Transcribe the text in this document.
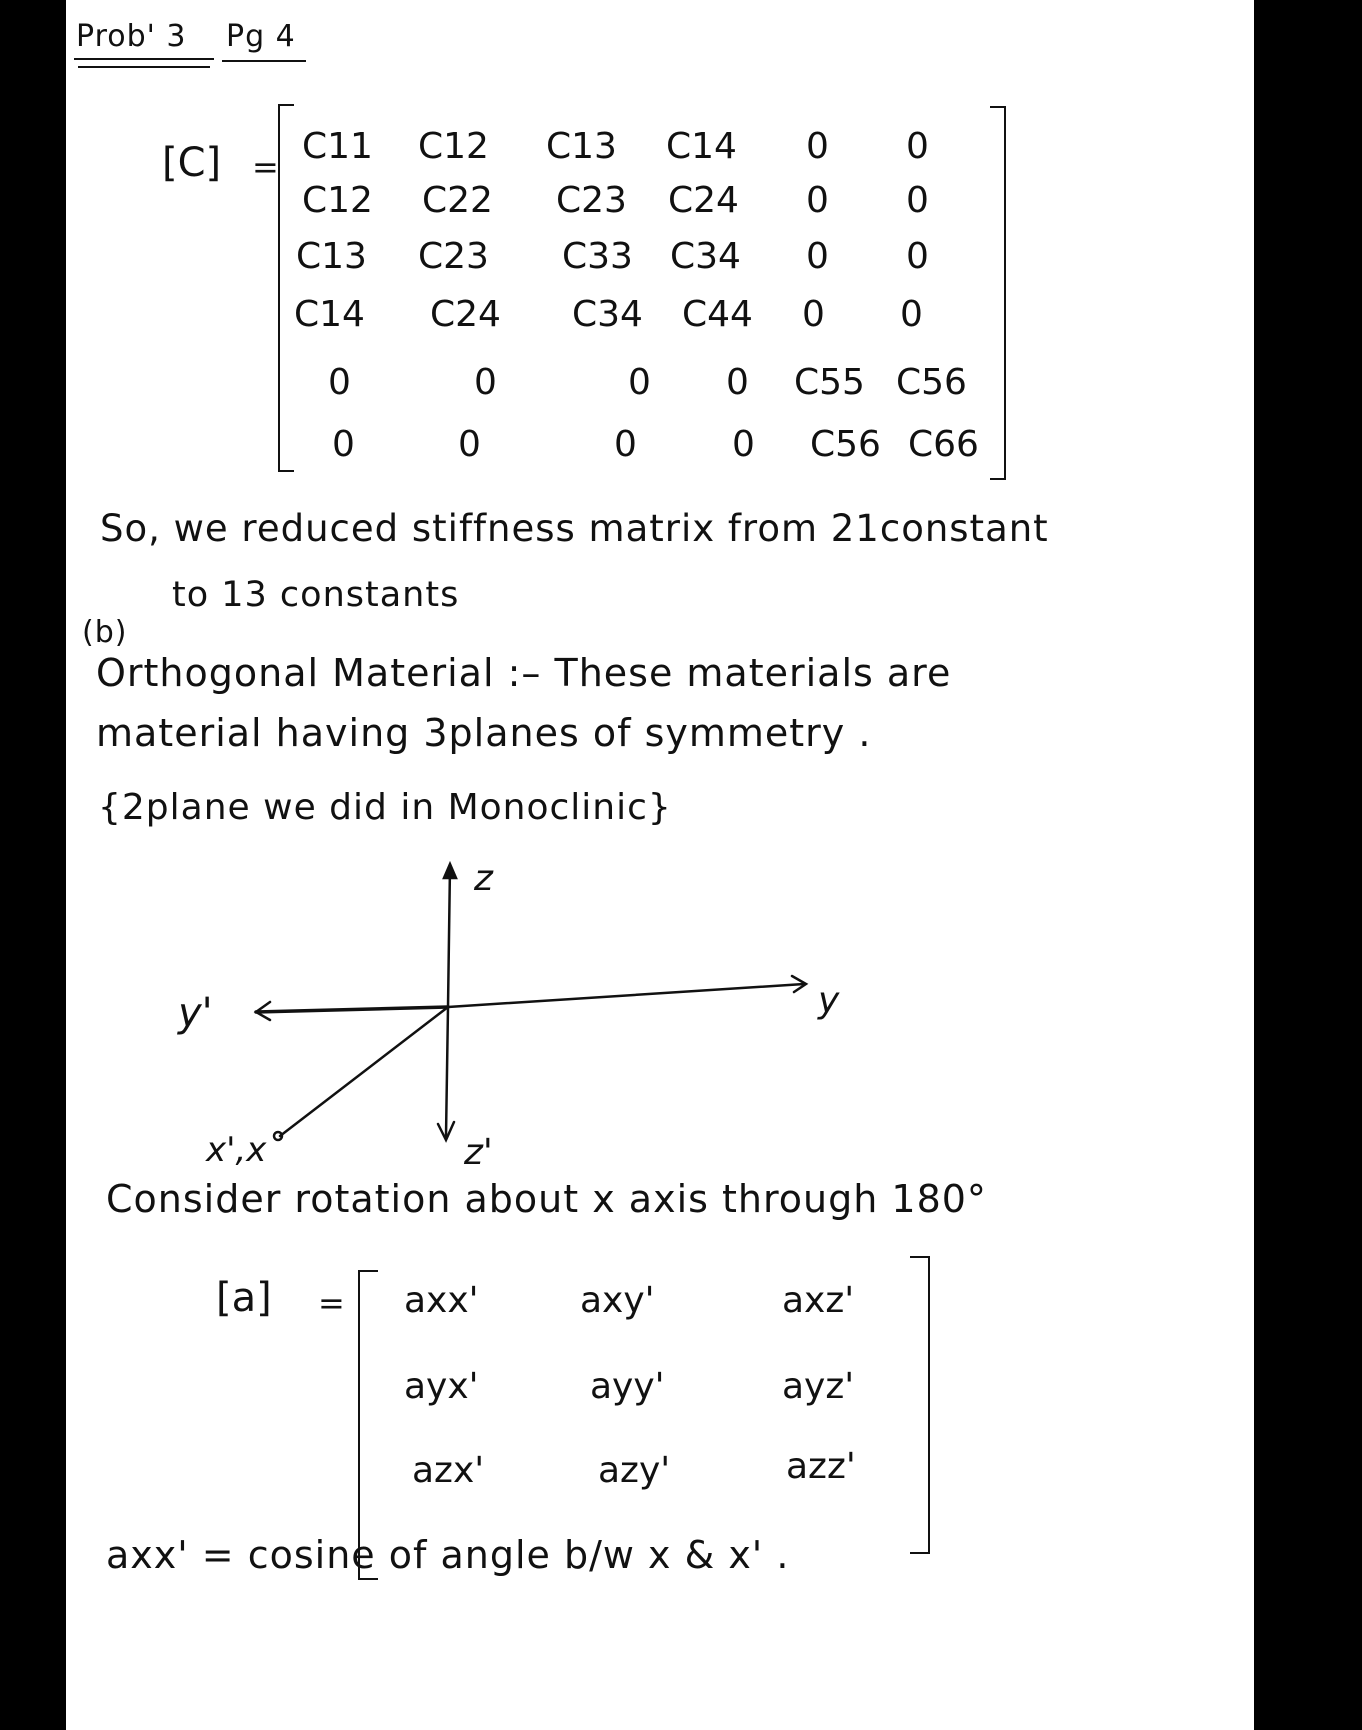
Prob' 3 Pg 4
[C] = C11 C12 C13 C14 0 0
C12 C22 C23 C24 0 0
C13 C23 C33 C34 0 0
C14 C24 C34 C44 0 0
0	0	0 0 C55 C56
0	0	0	0 C56 C66
So, we reduced stiffness matrix from 21constant
to 13 constants
(b)
Orthogonal Material :– These materials are
material having 3planes of symmetry .
{2plane we did in Monoclinic}
z
y
y'
x',x	z'
Consider rotation about x axis through 180°
[a] = axx'	axy'	axz'
ayx'	ayy'	ayz'
azx'	azy'	azz'
axx' = cosine of angle b/w x & x' .
